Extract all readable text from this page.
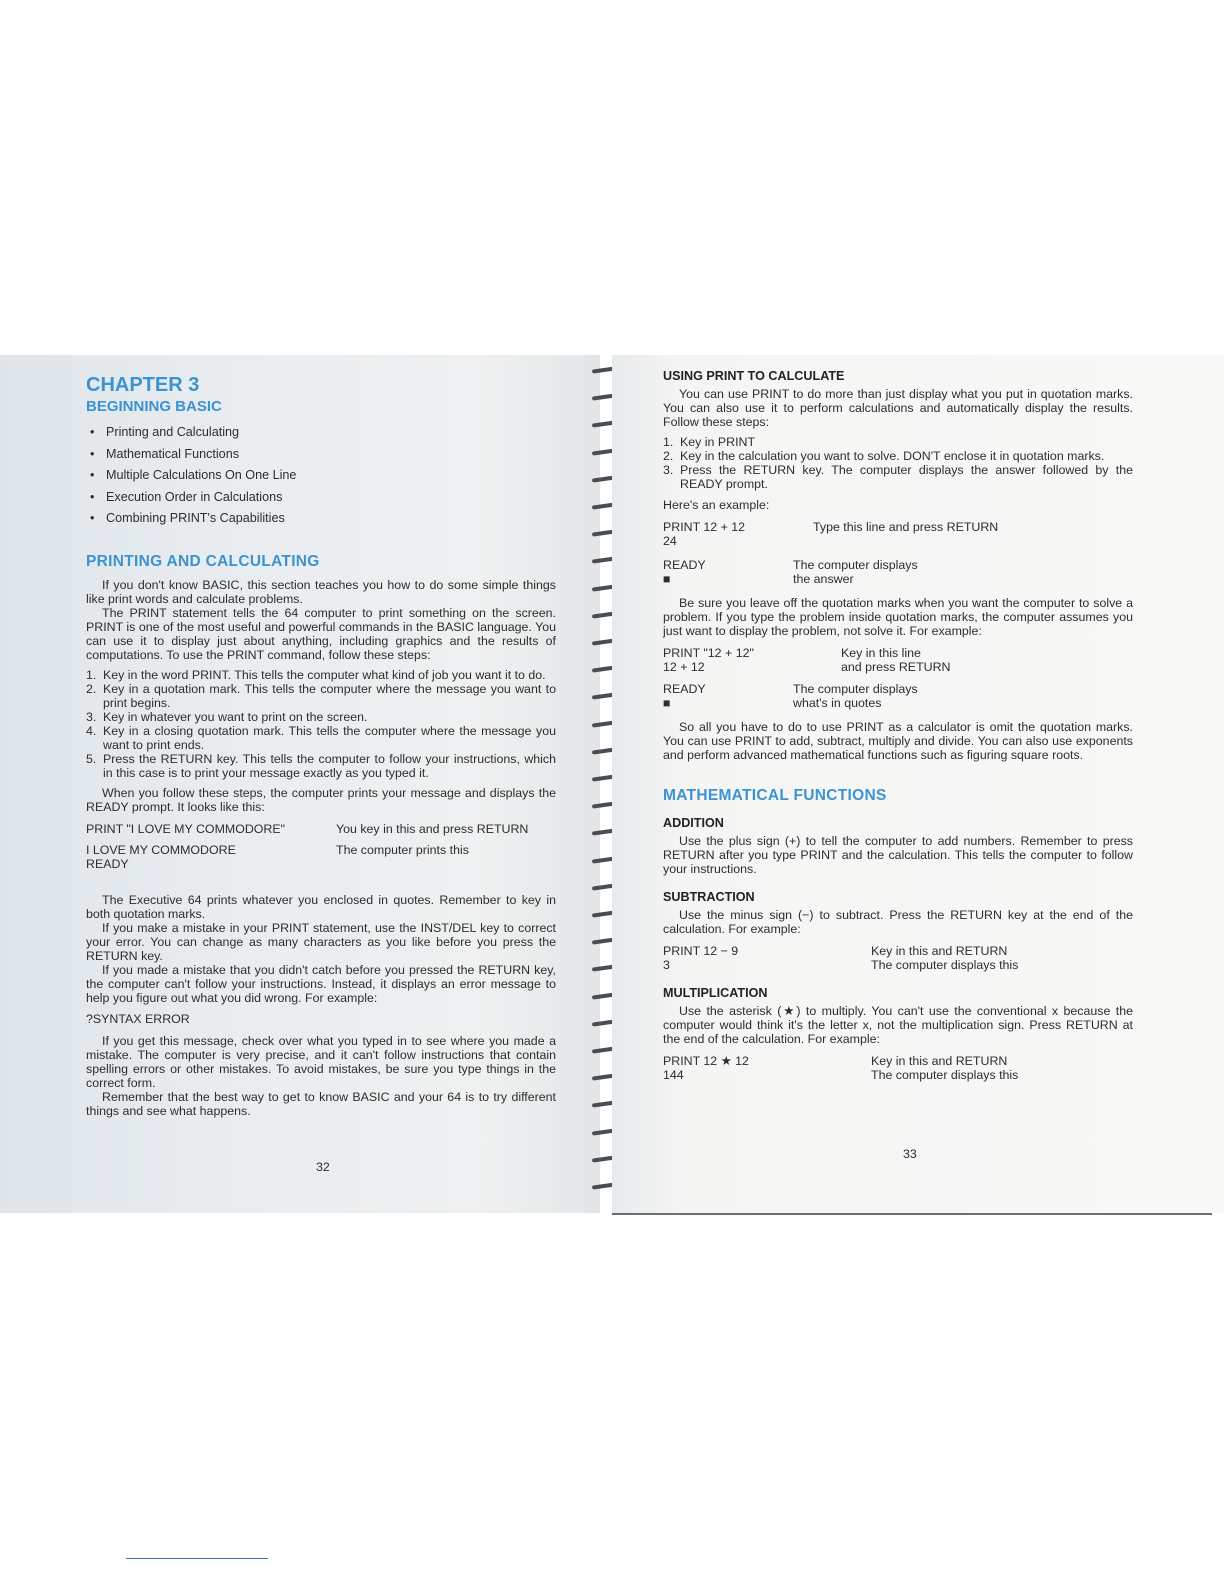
CHAPTER 3
BEGINNING BASIC
• Printing and Calculating
• Mathematical Functions
• Multiple Calculations On One Line
• Execution Order in Calculations
• Combining PRINT's Capabilities
PRINTING AND CALCULATING

If you don't know BASIC, this section teaches you how to do some simple things like print words and calculate problems.

The PRINT statement tells the 64 computer to print something on the screen. PRINT is one of the most useful and powerful commands in the BASIC language. You can use it to display just about anything, including graphics and the results of computations. To use the PRINT command, follow these steps:

1. Key in the word PRINT. This tells the computer what kind of job you want it to do.
2. Key in a quotation mark. This tells the computer where the message you want to print begins.
3. Key in whatever you want to print on the screen.
4. Key in a closing quotation mark. This tells the computer where the message you want to print ends.
5. Press the RETURN key. This tells the computer to follow your instructions, which in this case is to print your message exactly as you typed it.

When you follow these steps, the computer prints your message and displays the READY prompt. It looks like this:

PRINT "I LOVE MY COMMODORE"	You key in this and press RETURN
I LOVE MY COMMODORE
READY
The computer prints this

The Executive 64 prints whatever you enclosed in quotes. Remember to key in both quotation marks.

If you make a mistake in your PRINT statement, use the INST/DEL key to correct your error. You can change as many characters as you like before you press the RETURN key.

If you made a mistake that you didn't catch before you pressed the RETURN key, the computer can't follow your instructions. Instead, it displays an error message to help you figure out what you did wrong. For example:

?SYNTAX ERROR

If you get this message, check over what you typed in to see where you made a mistake. The computer is very precise, and it can't follow instructions that contain spelling errors or other mistakes. To avoid mistakes, be sure you type things in the correct form.

Remember that the best way to get to know BASIC and your 64 is to try different things and see what happens.

32
USING PRINT TO CALCULATE

You can use PRINT to do more than just display what you put in quotation marks. You can also use it to perform calculations and automatically display the results. Follow these steps:

1. Key in PRINT
2. Key in the calculation you want to solve. DON'T enclose it in quotation marks.
3. Press the RETURN key. The computer displays the answer followed by the READY prompt.
Here's an example:
PRINT 12 + 12
24
Type this line and press RETURN
READY
■
The computer displays
the answer

Be sure you leave off the quotation marks when you want the computer to solve a problem. If you type the problem inside quotation marks, the computer assumes you just want to display the problem, not solve it. For example:

PRINT "12 + 12"
12 + 12
Key in this line
and press RETURN
READY
■
The computer displays
what's in quotes

So all you have to do to use PRINT as a calculator is omit the quotation marks. You can use PRINT to add, subtract, multiply and divide. You can also use exponents and perform advanced mathematical functions such as figuring square roots.

MATHEMATICAL FUNCTIONS
ADDITION

Use the plus sign (+) to tell the computer to add numbers. Remember to press RETURN after you type PRINT and the calculation. This tells the computer to follow your instructions.

SUBTRACTION

Use the minus sign (−) to subtract. Press the RETURN key at the end of the calculation. For example:

PRINT 12 − 9
3
Key in this and RETURN
The computer displays this
MULTIPLICATION

Use the asterisk (★) to multiply. You can't use the conventional x because the computer would think it's the letter x, not the multiplication sign. Press RETURN at the end of the calculation. For example:

PRINT 12 ★ 12
144
Key in this and RETURN
The computer displays this
33
